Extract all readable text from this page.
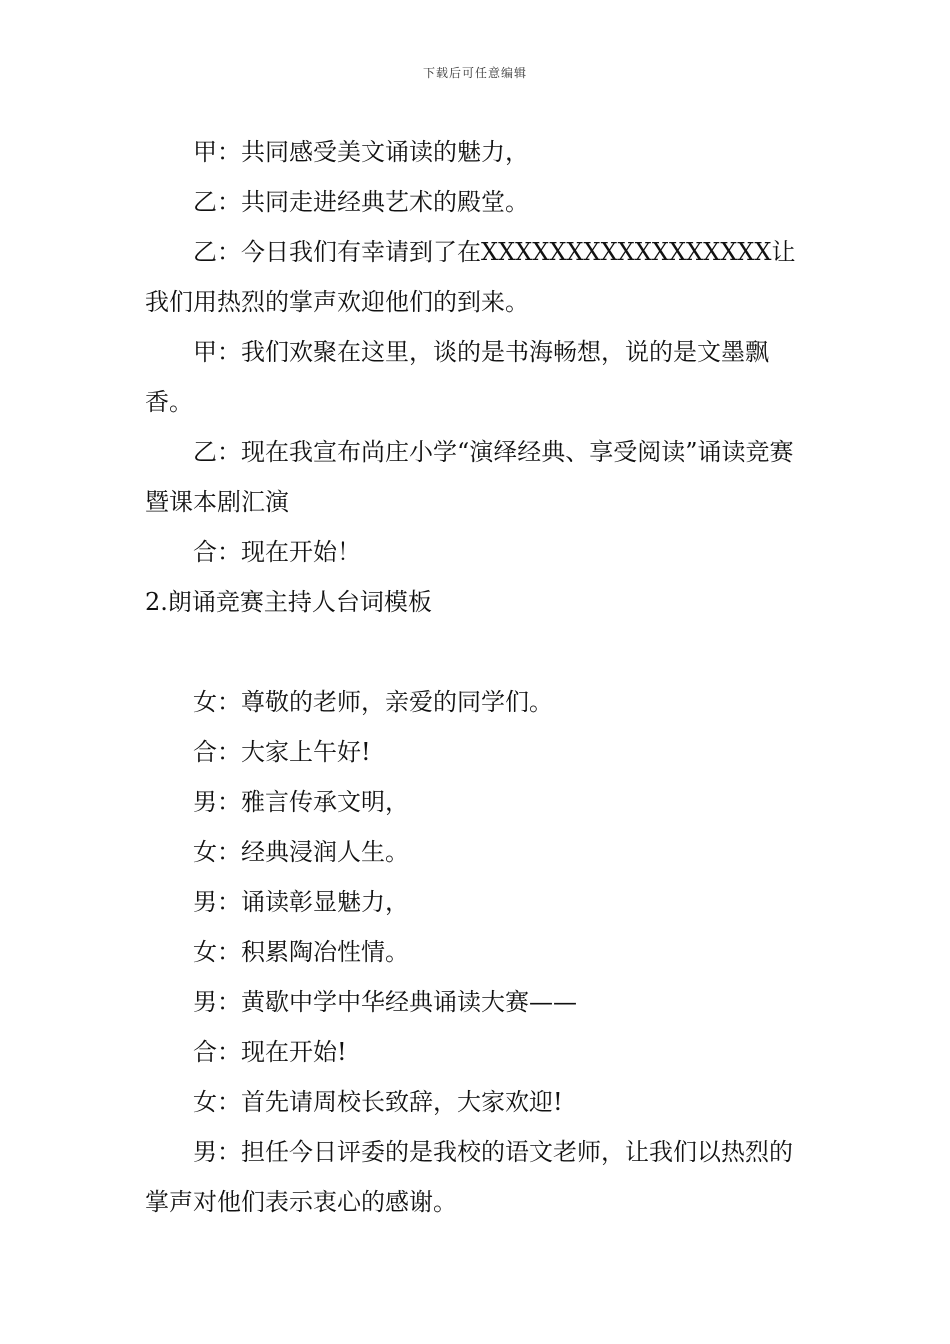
下载后可任意编辑

甲：共同感受美文诵读的魅力，

乙：共同走进经典艺术的殿堂。

乙：今日我们有幸请到了在XXXXXXXXXXXXXXXXX让我们用热烈的掌声欢迎他们的到来。

甲：我们欢聚在这里，谈的是书海畅想，说的是文墨飘香。

乙：现在我宣布尚庄小学“演绎经典、享受阅读”诵读竞赛暨课本剧汇演

合：现在开始！

2.朗诵竞赛主持人台词模板

女：尊敬的老师，亲爱的同学们。

合：大家上午好!

男：雅言传承文明，

女：经典浸润人生。

男：诵读彰显魅力，

女：积累陶冶性情。

男：黄歇中学中华经典诵读大赛——

合：现在开始!

女：首先请周校长致辞，大家欢迎!

男：担任今日评委的是我校的语文老师，让我们以热烈的掌声对他们表示衷心的感谢。
